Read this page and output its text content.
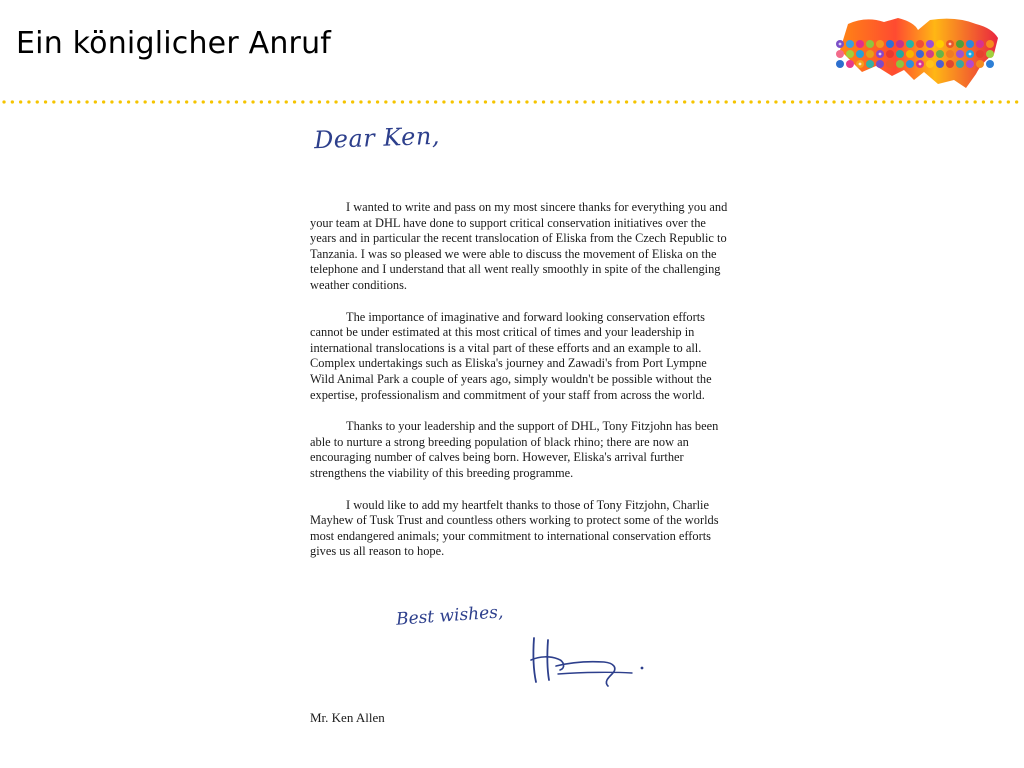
Ein königlicher Anruf
Dear Ken,

I wanted to write and pass on my most sincere thanks for everything you and your team at DHL have done to support critical conservation initiatives over the years and in particular the recent translocation of Eliska from the Czech Republic to Tanzania. I was so pleased we were able to discuss the movement of Eliska on the telephone and I understand that all went really smoothly in spite of the challenging weather conditions.

The importance of imaginative and forward looking conservation efforts cannot be under estimated at this most critical of times and your leadership in international translocations is a vital part of these efforts and an example to all. Complex undertakings such as Eliska's journey and Zawadi's from Port Lympne Wild Animal Park a couple of years ago, simply wouldn't be possible without the expertise, professionalism and commitment of your staff from across the world.

Thanks to your leadership and the support of DHL, Tony Fitzjohn has been able to nurture a strong breeding population of black rhino; there are now an encouraging number of calves being born. However, Eliska's arrival further strengthens the viability of this breeding programme.

I would like to add my heartfelt thanks to those of Tony Fitzjohn, Charlie Mayhew of Tusk Trust and countless others working to protect some of the worlds most endangered animals; your commitment to international conservation efforts gives us all reason to hope.

Best wishes,
Mr. Ken Allen
